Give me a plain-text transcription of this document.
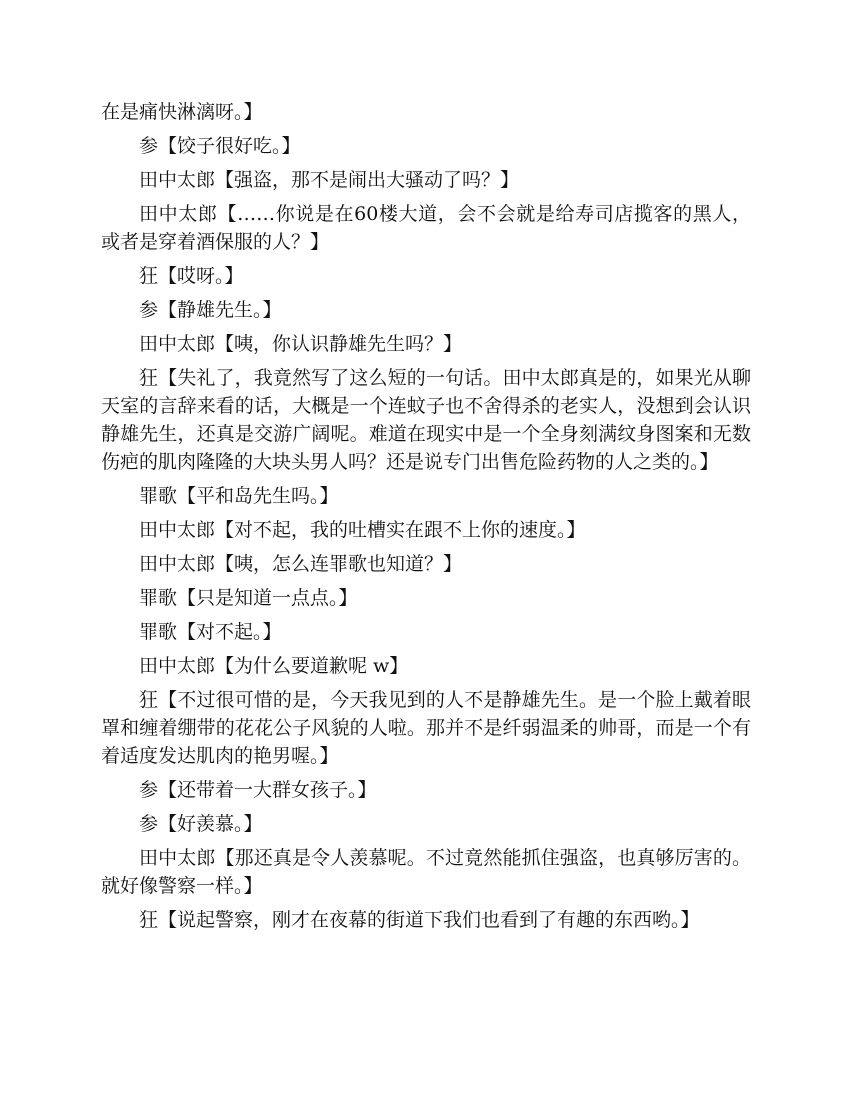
在是痛快淋漓呀。】

参【饺子很好吃。】

田中太郎【强盗，那不是闹出大骚动了吗？】

田中太郎【……你说是在60楼大道，会不会就是给寿司店揽客的黑人，或者是穿着酒保服的人？】

狂【哎呀。】

参【静雄先生。】

田中太郎【咦，你认识静雄先生吗？】

狂【失礼了，我竟然写了这么短的一句话。田中太郎真是的，如果光从聊天室的言辞来看的话，大概是一个连蚊子也不舍得杀的老实人，没想到会认识静雄先生，还真是交游广阔呢。难道在现实中是一个全身刻满纹身图案和无数伤疤的肌肉隆隆的大块头男人吗？还是说专门出售危险药物的人之类的。】

罪歌【平和岛先生吗。】

田中太郎【对不起，我的吐槽实在跟不上你的速度。】

田中太郎【咦，怎么连罪歌也知道？】

罪歌【只是知道一点点。】

罪歌【对不起。】

田中太郎【为什么要道歉呢 w】

狂【不过很可惜的是，今天我见到的人不是静雄先生。是一个脸上戴着眼罩和缠着绷带的花花公子风貌的人啦。那并不是纤弱温柔的帅哥，而是一个有着适度发达肌肉的艳男喔。】

参【还带着一大群女孩子。】

参【好羡慕。】

田中太郎【那还真是令人羡慕呢。不过竟然能抓住强盗，也真够厉害的。就好像警察一样。】

狂【说起警察，刚才在夜幕的街道下我们也看到了有趣的东西哟。】
